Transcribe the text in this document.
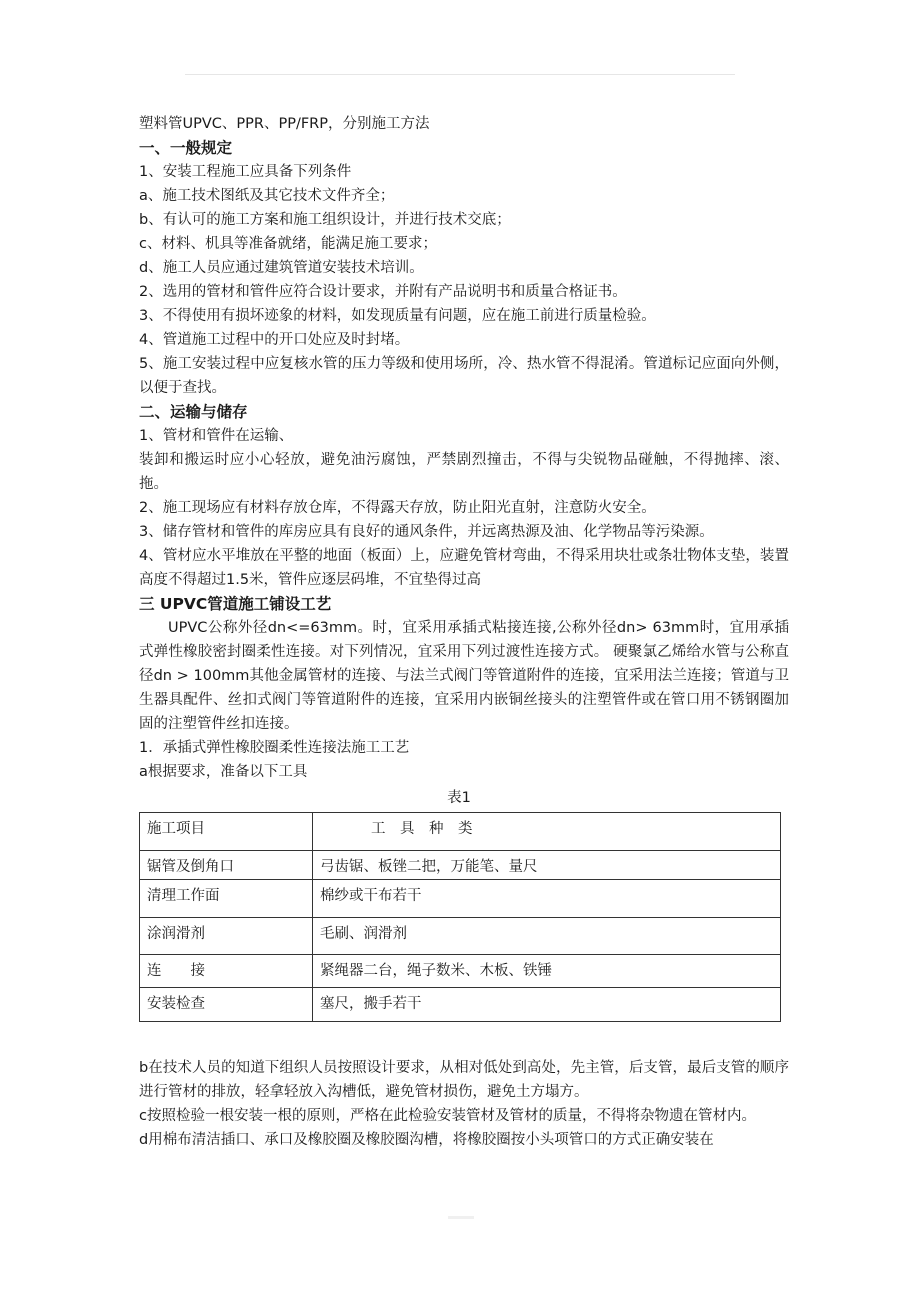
塑料管UPVC、PPR、PP/FRP，分别施工方法
一、一般规定
1、安装工程施工应具备下列条件
a、施工技术图纸及其它技术文件齐全；
b、有认可的施工方案和施工组织设计，并进行技术交底；
c、材料、机具等准备就绪，能满足施工要求；
d、施工人员应通过建筑管道安装技术培训。
2、选用的管材和管件应符合设计要求，并附有产品说明书和质量合格证书。
3、不得使用有损坏迹象的材料，如发现质量有问题，应在施工前进行质量检验。
4、管道施工过程中的开口处应及时封堵。
5、施工安装过程中应复核水管的压力等级和使用场所，冷、热水管不得混淆。管道标记应面向外侧，以便于查找。
二、运输与储存
1、管材和管件在运输、
装卸和搬运时应小心轻放，避免油污腐蚀，严禁剧烈撞击，不得与尖锐物品碰触，不得抛摔、滚、拖。
2、施工现场应有材料存放仓库，不得露天存放，防止阳光直射，注意防火安全。
3、储存管材和管件的库房应具有良好的通风条件，并远离热源及油、化学物品等污染源。
4、管材应水平堆放在平整的地面（板面）上，应避免管材弯曲，不得采用块壮或条壮物体支垫，装置高度不得超过1.5米，管件应逐层码堆，不宜垫得过高
三 UPVC管道施工铺设工艺
UPVC公称外径dn<=63mm。时，宜采用承插式粘接连接,公称外径dn> 63mm时，宜用承插式弹性橡胶密封圈柔性连接。对下列情况，宜采用下列过渡性连接方式。 硬聚氯乙烯给水管与公称直径dn > 100mm其他金属管材的连接、与法兰式阀门等管道附件的连接，宜采用法兰连接；管道与卫生器具配件、丝扣式阀门等管道附件的连接，宜采用内嵌铜丝接头的注塑管件或在管口用不锈钢圈加固的注塑管件丝扣连接。
1．承插式弹性橡胶圈柔性连接法施工工艺
a根据要求，准备以下工具
表1
施工项目	工　具　种　类
锯管及倒角口	弓齿锯、板锉二把，万能笔、量尺
清理工作面	棉纱或干布若干
涂润滑剂	毛刷、润滑剂
连　　接	紧绳器二台，绳子数米、木板、铁锤
安装检查	塞尺，搬手若干
b在技术人员的知道下组织人员按照设计要求，从相对低处到高处，先主管，后支管，最后支管的顺序进行管材的排放，轻拿轻放入沟槽低，避免管材损伤，避免土方塌方。
c按照检验一根安装一根的原则，严格在此检验安装管材及管材的质量，不得将杂物遗在管材内。
d用棉布清洁插口、承口及橡胶圈及橡胶圈沟槽，将橡胶圈按小头项管口的方式正确安装在
